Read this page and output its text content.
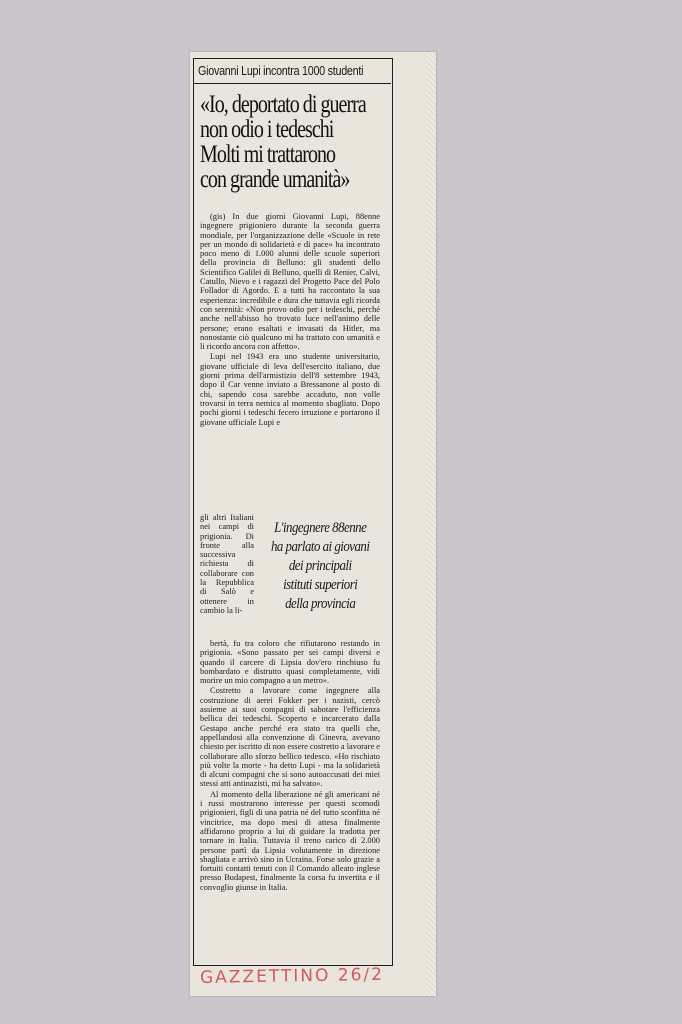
Giovanni Lupi incontra 1000 studenti
«Io, deportato di guerra
non odio i tedeschi
Molti mi trattarono
con grande umanità»

(gis) In due giorni Giovanni Lupi, 88enne ingegnere prigioniero durante la seconda guerra mondiale, per l'organizzazione delle «Scuole in rete per un mondo di solidarietà e di pace» ha incontrato poco meno di 1.000 alunni delle scuole superiori della provincia di Belluno: gli studenti dello Scientifico Galilei di Belluno, quelli di Renier, Calvi, Catullo, Nievo e i ragazzi del Progetto Pace del Polo Follador di Agordo. E a tutti ha raccontato la sua esperienza: incredibile e dura che tuttavia egli ricorda con serenità: «Non provo odio per i tedeschi, perché anche nell'abisso ho trovato luce nell'animo delle persone; erano esaltati e invasati da Hitler, ma nonostante ciò qualcuno mi ha trattato con umanità e li ricordo ancora con affetto».

Lupi nel 1943 era uno studente universitario, giovane ufficiale di leva dell'esercito italiano, due giorni prima dell'armistizio dell'8 settembre 1943, dopo il Car venne inviato a Bressanone al posto di chi, sapendo cosa sarebbe accaduto, non volle trovarsi in terra nemica al momento sbagliato. Dopo pochi giorni i tedeschi fecero irruzione e portarono il giovane ufficiale Lupi e

gli altri Italiani nei campi di prigionia. Di fronte alla successiva richiesta di collaborare con la Repubblica di Salò e ottenere in cambio la li-
L'ingegnere 88enne
ha parlato ai giovani
dei principali
istituti superiori
della provincia

bertà, fu tra coloro che rifiutarono restando in prigionia. «Sono passato per sei campi diversi e quando il carcere di Lipsia dov'ero rinchiuso fu bombardato e distrutto quasi completamente, vidi morire un mio compagno a un metro».

Costretto a lavorare come ingegnere alla costruzione di aerei Fokker per i nazisti, cercò assieme ai suoi compagni di sabotare l'efficienza bellica dei tedeschi. Scoperto e incarcerato dalla Gestapo anche perché era stato tra quelli che, appellandosi alla convenzione di Ginevra, avevano chiesto per iscritto di non essere costretto a lavorare e collaborare allo sforzo bellico tedesco. «Ho rischiato più volte la morte - ha detto Lupi - ma la solidarietà di alcuni compagni che si sono autoaccusati dei miei stessi atti antinazisti, mi ha salvato».

Al momento della liberazione né gli americani né i russi mostrarono interesse per questi scomodi prigionieri, figli di una patria né del tutto sconfitta né vincitrice, ma dopo mesi di attesa finalmente affidarono proprio a lui di guidare la tradotta per tornare in Italia. Tuttavia il treno carico di 2.000 persone partì da Lipsia volutamente in direzione sbagliata e arrivò sino in Ucraina. Forse solo grazie a fortuiti contatti tenuti con il Comando alleato inglese presso Budapest, finalmente la corsa fu invertita e il convoglio giunse in Italia.

GAZZETTINO 26/2
